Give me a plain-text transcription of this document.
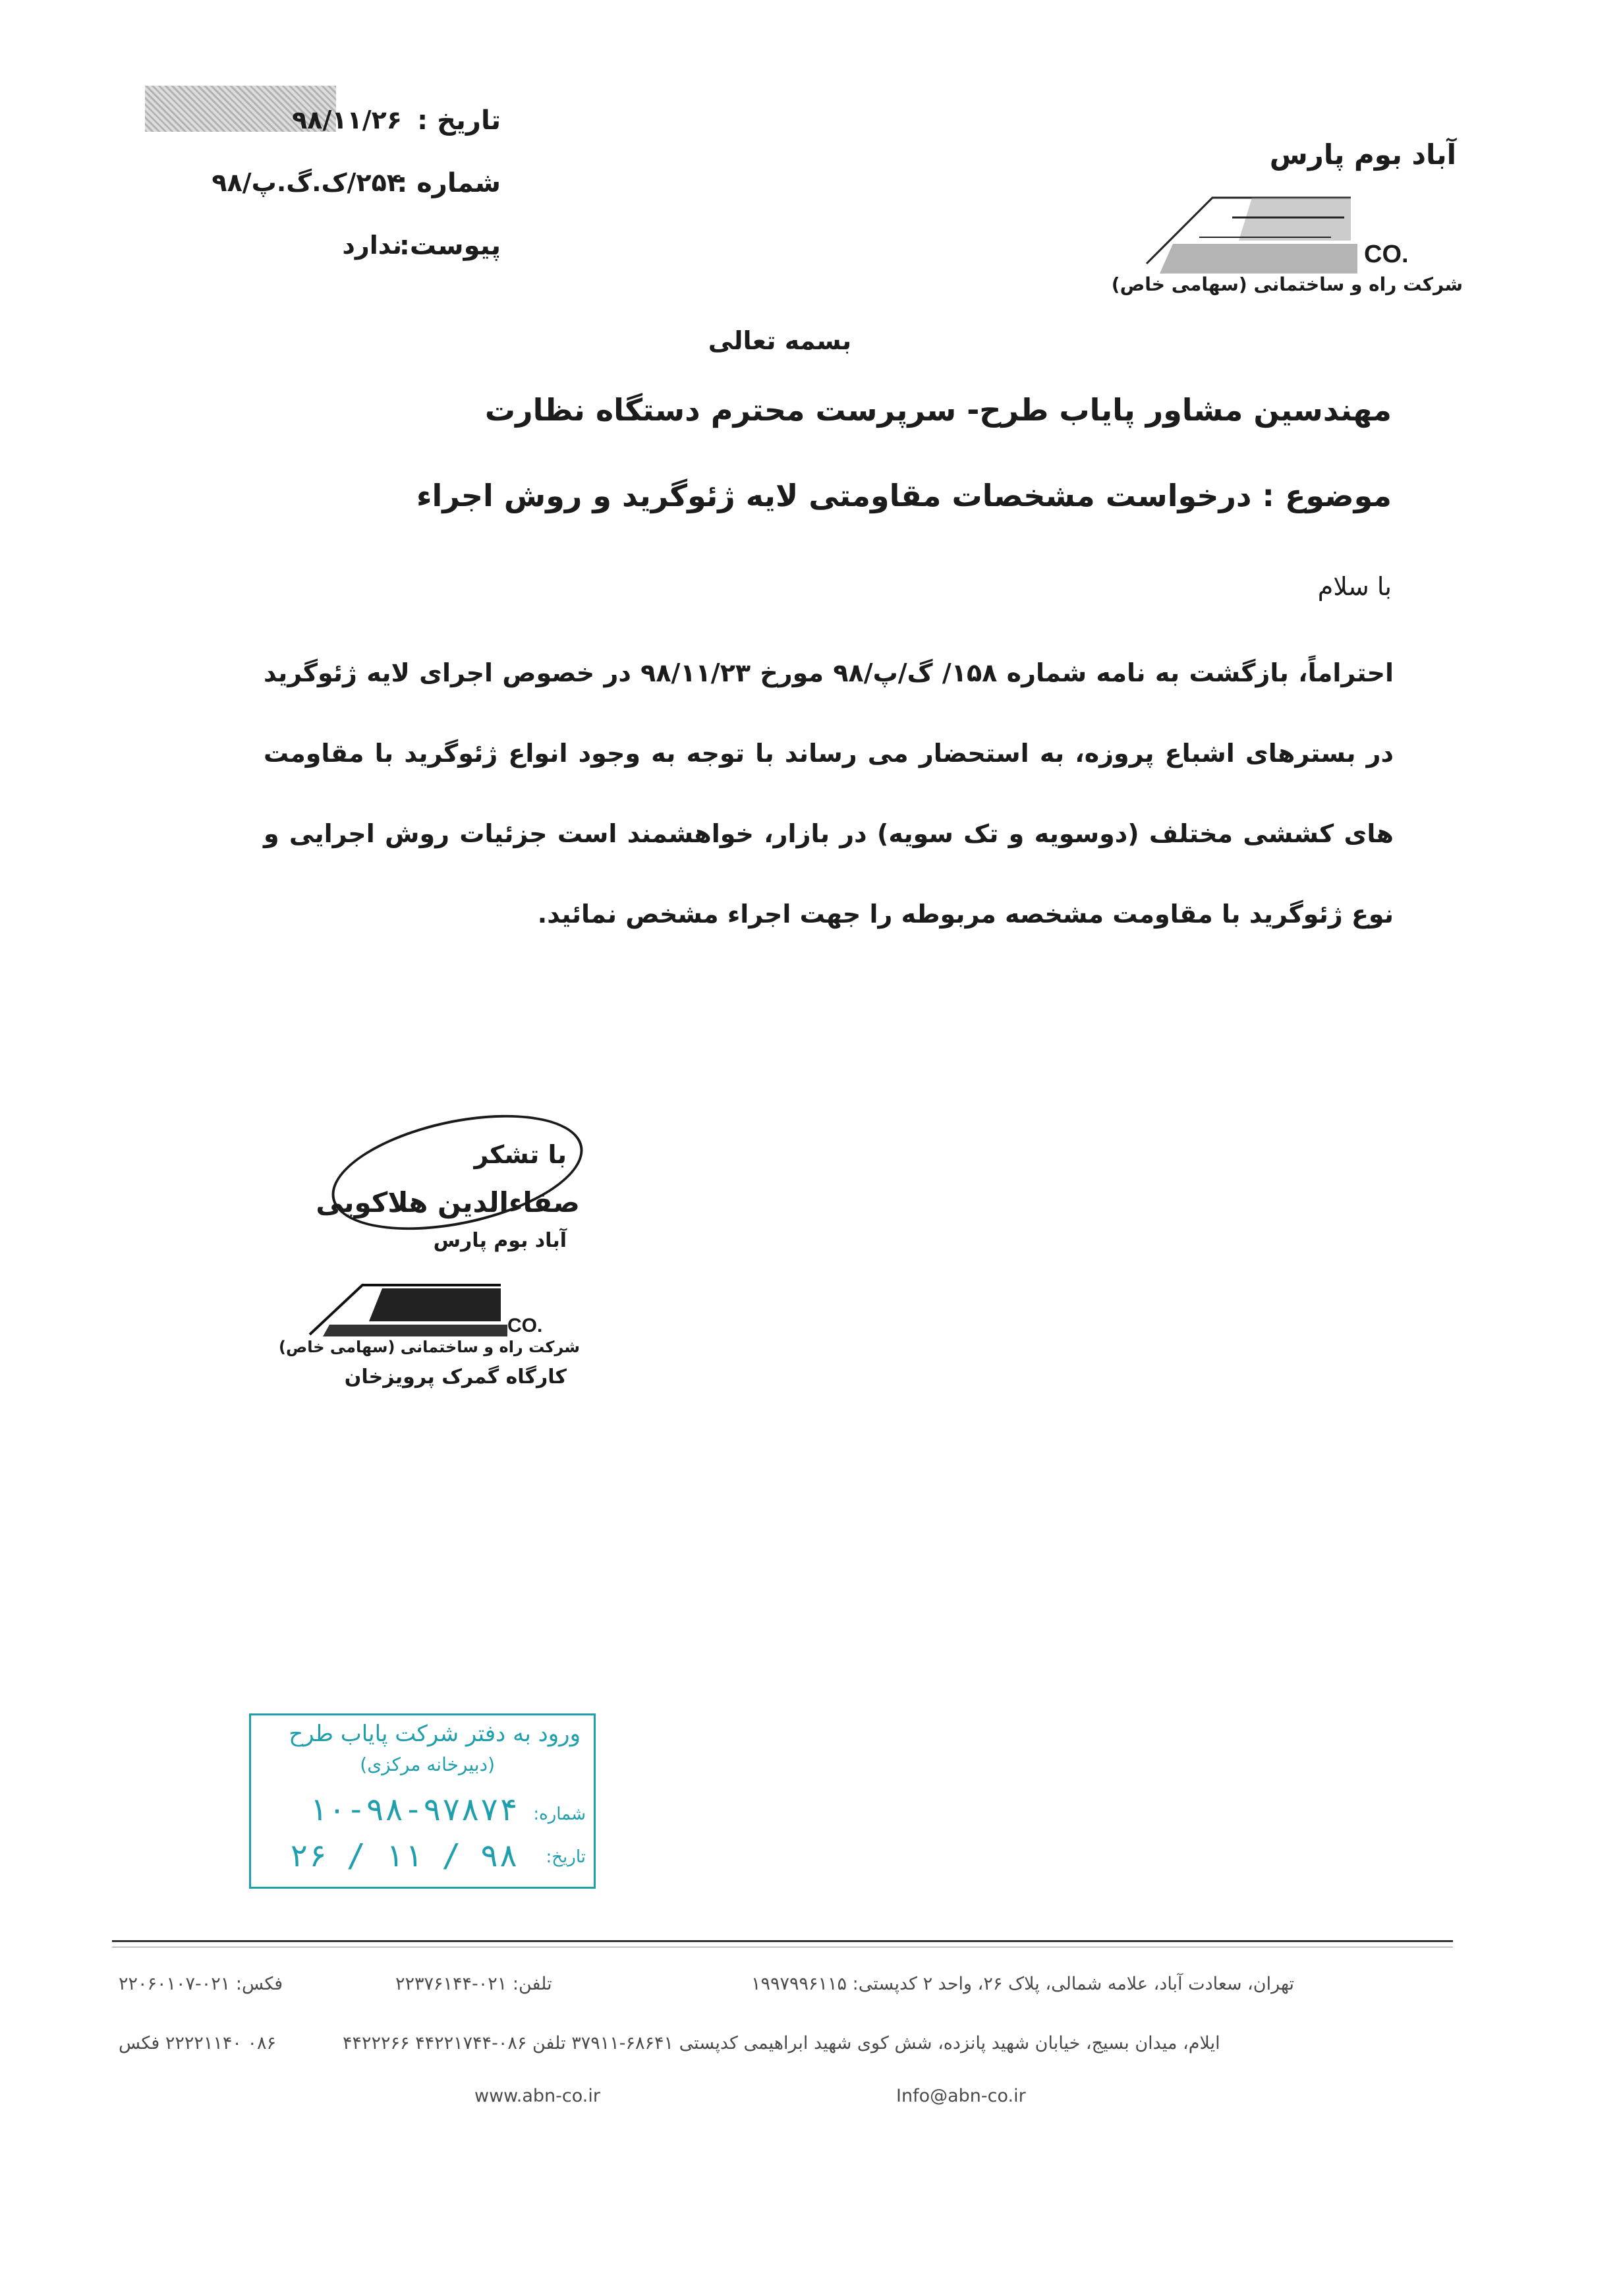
تاریخ :
۹۸/۱۱/۲۶
شماره :
۲۵۴/ک‌.گ‌.پ/۹۸
پیوست:
ندارد
آباد بوم پارس
CO.
شرکت راه و ساختمانی (سهامی خاص)
بسمه تعالی
مهندسین مشاور پایاب طرح- سرپرست محترم دستگاه نظارت
موضوع : درخواست مشخصات مقاومتی لایه ژئوگرید و روش اجراء
با سلام
احتراماً، بازگشت به نامه شماره ۱۵۸/ گ/پ/۹۸ مورخ ۹۸/۱۱/۲۳ در خصوص اجرای لایه ژئوگرید در بسترهای اشباع پروزه، به استحضار می رساند با توجه به وجود انواع ژئوگرید با مقاومت های کششی مختلف (دوسویه و تک سویه) در بازار، خواهشمند است جزئیات روش اجرایی و نوع ژئوگرید با مقاومت مشخصه مربوطه را جهت اجراء مشخص نمائید.
با تشکر
صفاءالدین هلاکویی
آباد بوم پارس
CO.
شرکت راه و ساختمانی (سهامی خاص)
کارگاه گمرک پرویزخان
ورود به دفتر شرکت پایاب طرح
(دبیرخانه مرکزی)
شماره:
۱۰-۹۸-۹۷۸۷۴
تاریخ:
۹۸ / ۱۱ / ۲۶
فکس: ۰۲۱-۲۲۰۶۰۱۰۷	تلفن: ۰۲۱-۲۲۳۷۶۱۴۴	تهران، سعادت آباد، علامه شمالی، پلاک ۲۶، واحد ۲ کدپستی: ۱۹۹۷۹۹۶۱۱۵
۰۸۶ ۲۲۲۲۱۱۴۰ فکس	ایلام، میدان بسیج، خیابان شهید پانزده، شش کوی شهید ابراهیمی کدپستی ۶۸۶۴۱-۳۷۹۱۱ تلفن ۰۸۶-۴۴۲۲۱۷۴۴ ۴۴۲۲۲۶۶
www.abn-co.ir	Info@abn-co.ir
